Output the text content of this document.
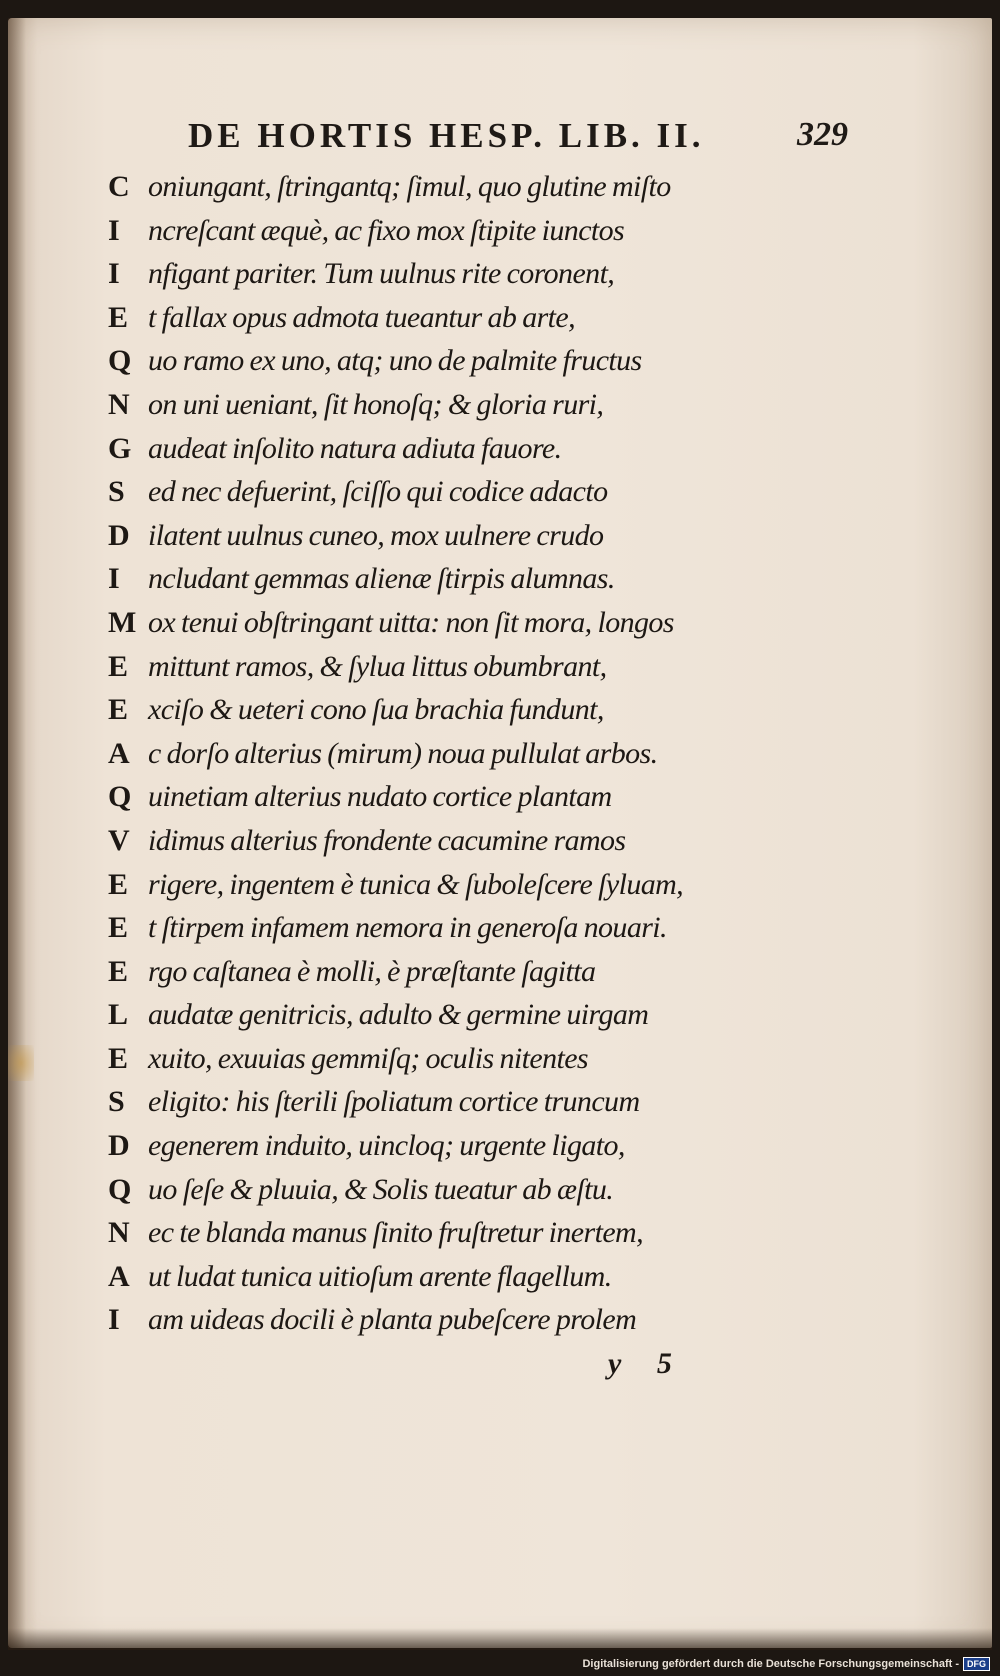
DE HORTIS HESP. LIB. II.	329
C oniungant, ſtringantq; ſimul, quo glutine miſto
I ncreſcant æquè, ac fixo mox ſtipite iunctos
I nfigant pariter. Tum uulnus rite coronent,
E t fallax opus admota tueantur ab arte,
Q uo ramo ex uno, atq; uno de palmite fructus
N on uni ueniant, ſit honoſq; & gloria ruri,
G audeat inſolito natura adiuta fauore.
S ed nec defuerint, ſciſſo qui codice adacto
D ilatent uulnus cuneo, mox uulnere crudo
I ncludant gemmas alienæ ſtirpis alumnas.
M ox tenui obſtringant uitta: non ſit mora, longos
E mittunt ramos, & ſylua littus obumbrant,
E xciſo & ueteri cono ſua brachia fundunt,
A c dorſo alterius (mirum) noua pullulat arbos.
Q uinetiam alterius nudato cortice plantam
V idimus alterius frondente cacumine ramos
E rigere, ingentem è tunica & ſuboleſcere ſyluam,
E t ſtirpem infamem nemora in generoſa nouari.
E rgo caſtanea è molli, è præſtante ſagitta
L audatæ genitricis, adulto & germine uirgam
E xuito, exuuias gemmiſq; oculis nitentes
S eligito: his ſterili ſpoliatum cortice truncum
D egenerem induito, uincloq; urgente ligato,
Q uo ſeſe & pluuia, & Solis tueatur ab æſtu.
N ec te blanda manus ſinito fruſtretur inertem,
A ut ludat tunica uitioſum arente flagellum.
I am uideas docili è planta pubeſcere prolem
y 5
Digitalisierung gefördert durch die Deutsche Forschungsgemeinschaft - DFG
